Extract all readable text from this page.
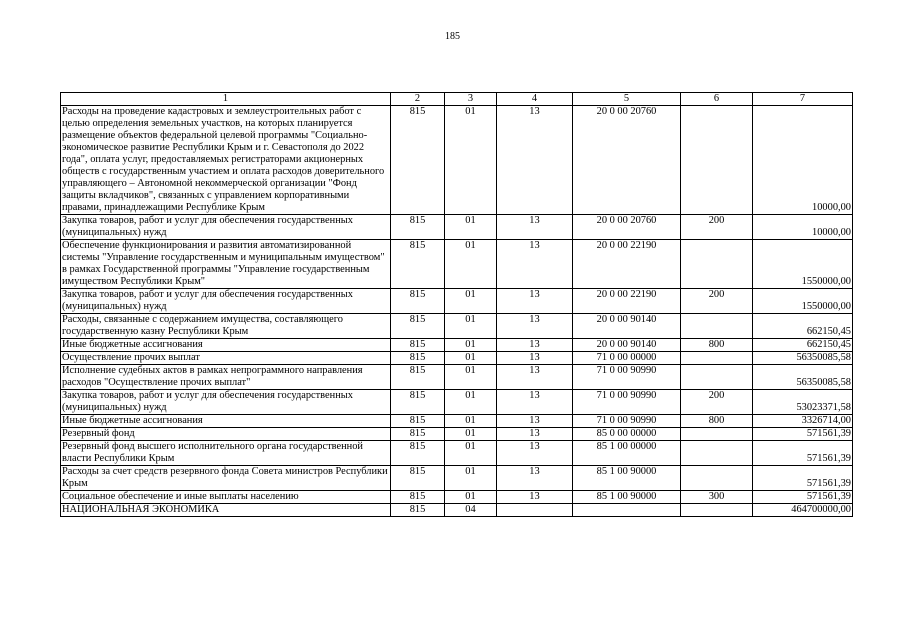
185
1	2	3	4	5	6	7
Расходы на проведение кадастровых и землеустроительных работ с целью определения земельных участков, на которых планируется размещение объектов федеральной целевой программы "Социально-экономическое развитие Республики Крым и г. Севастополя до 2022 года", оплата услуг, предоставляемых регистраторами акционерных обществ с государственным участием и оплата расходов доверительного управляющего – Автономной некоммерческой организации "Фонд защиты вкладчиков", связанных с управлением корпоративными правами, принадлежащими Республике Крым	815	01	13	20 0 00 20760		10000,00
Закупка товаров, работ и услуг для обеспечения государственных (муниципальных) нужд	815	01	13	20 0 00 20760	200	10000,00
Обеспечение функционирования и развития автоматизированной системы "Управление государственным и муниципальным имуществом" в рамках Государственной программы "Управление государственным имуществом Республики Крым"	815	01	13	20 0 00 22190		1550000,00
Закупка товаров, работ и услуг для обеспечения государственных (муниципальных) нужд	815	01	13	20 0 00 22190	200	1550000,00
Расходы, связанные с содержанием имущества, составляющего государственную казну Республики Крым	815	01	13	20 0 00 90140		662150,45
Иные бюджетные ассигнования	815	01	13	20 0 00 90140	800	662150,45
Осуществление прочих выплат	815	01	13	71 0 00 00000		56350085,58
Исполнение судебных актов в рамках непрограммного направления расходов "Осуществление прочих выплат"	815	01	13	71 0 00 90990		56350085,58
Закупка товаров, работ и услуг для обеспечения государственных (муниципальных) нужд	815	01	13	71 0 00 90990	200	53023371,58
Иные бюджетные ассигнования	815	01	13	71 0 00 90990	800	3326714,00
Резервный фонд	815	01	13	85 0 00 00000		571561,39
Резервный фонд высшего исполнительного органа государственной власти Республики Крым	815	01	13	85 1 00 00000		571561,39
Расходы за счет средств резервного фонда Совета министров Республики Крым	815	01	13	85 1 00 90000		571561,39
Социальное обеспечение и иные выплаты населению	815	01	13	85 1 00 90000	300	571561,39
НАЦИОНАЛЬНАЯ ЭКОНОМИКА	815	04				464700000,00
